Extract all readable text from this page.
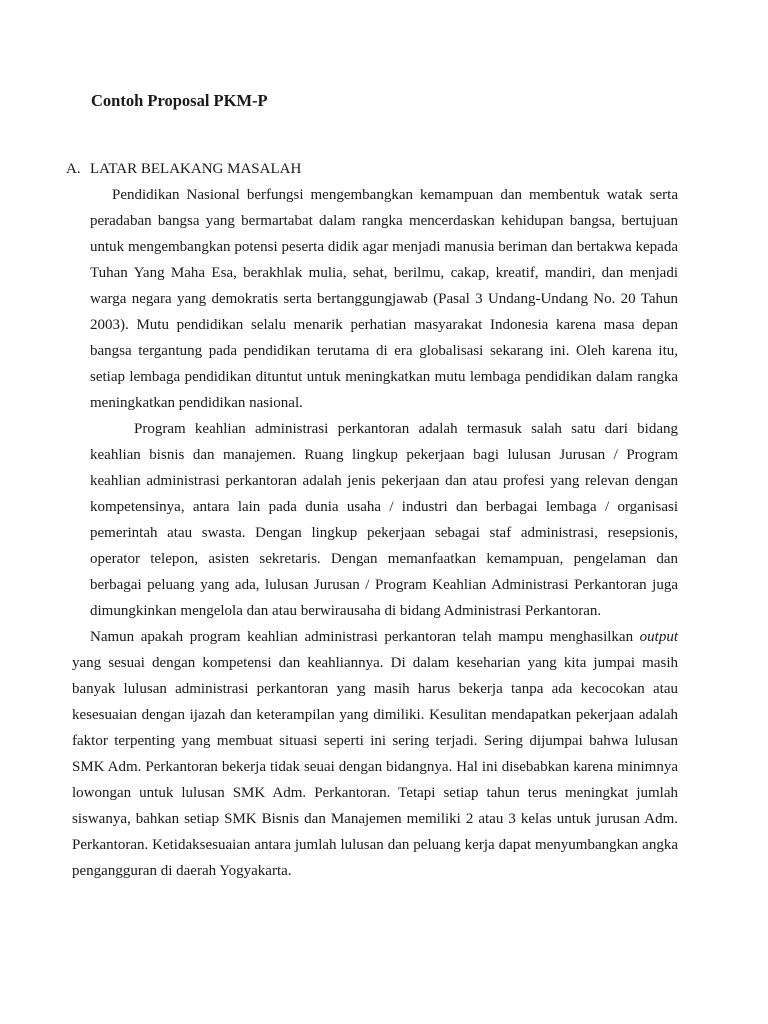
Contoh Proposal PKM-P
A. LATAR BELAKANG MASALAH

Pendidikan Nasional berfungsi mengembangkan kemampuan dan membentuk watak serta peradaban bangsa yang bermartabat dalam rangka mencerdaskan kehidupan bangsa, bertujuan untuk mengembangkan potensi peserta didik agar menjadi manusia beriman dan bertakwa kepada Tuhan Yang Maha Esa, berakhlak mulia, sehat, berilmu, cakap, kreatif, mandiri, dan menjadi warga negara yang demokratis serta bertanggungjawab (Pasal 3 Undang-Undang No. 20 Tahun 2003). Mutu pendidikan selalu menarik perhatian masyarakat Indonesia karena masa depan bangsa tergantung pada pendidikan terutama di era globalisasi sekarang ini. Oleh karena itu, setiap lembaga pendidikan dituntut untuk meningkatkan mutu lembaga pendidikan dalam rangka meningkatkan pendidikan nasional.

Program keahlian administrasi perkantoran adalah termasuk salah satu dari bidang keahlian bisnis dan manajemen. Ruang lingkup pekerjaan bagi lulusan Jurusan / Program keahlian administrasi perkantoran adalah jenis pekerjaan dan atau profesi yang relevan dengan kompetensinya, antara lain pada dunia usaha / industri dan berbagai lembaga / organisasi pemerintah atau swasta. Dengan lingkup pekerjaan sebagai staf administrasi, resepsionis, operator telepon, asisten sekretaris. Dengan memanfaatkan kemampuan, pengelaman dan berbagai peluang yang ada, lulusan Jurusan / Program Keahlian Administrasi Perkantoran juga dimungkinkan mengelola dan atau berwirausaha di bidang Administrasi Perkantoran.

Namun apakah program keahlian administrasi perkantoran telah mampu menghasilkan output yang sesuai dengan kompetensi dan keahliannya. Di dalam keseharian yang kita jumpai masih banyak lulusan administrasi perkantoran yang masih harus bekerja tanpa ada kecocokan atau kesesuaian dengan ijazah dan keterampilan yang dimiliki. Kesulitan mendapatkan pekerjaan adalah faktor terpenting yang membuat situasi seperti ini sering terjadi. Sering dijumpai bahwa lulusan SMK Adm. Perkantoran bekerja tidak seuai dengan bidangnya. Hal ini disebabkan karena minimnya lowongan untuk lulusan SMK Adm. Perkantoran. Tetapi setiap tahun terus meningkat jumlah siswanya, bahkan setiap SMK Bisnis dan Manajemen memiliki 2 atau 3 kelas untuk jurusan Adm. Perkantoran. Ketidaksesuaian antara jumlah lulusan dan peluang kerja dapat menyumbangkan angka pengangguran di daerah Yogyakarta.
